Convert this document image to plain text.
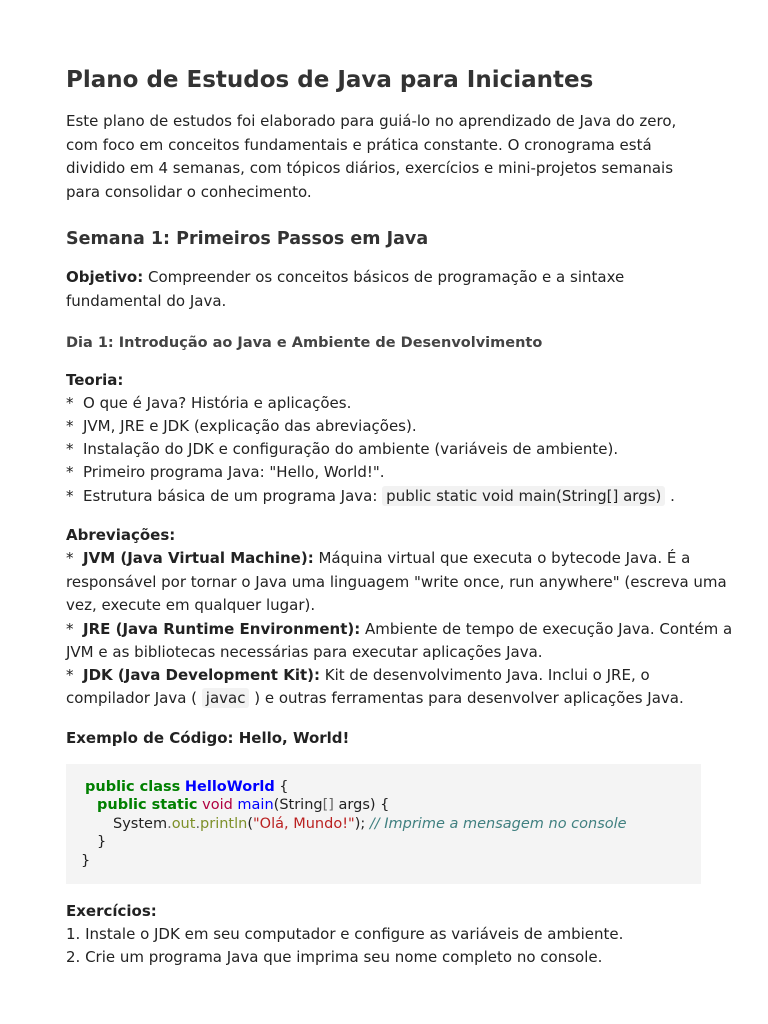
Plano de Estudos de Java para Iniciantes

Este plano de estudos foi elaborado para guiá-lo no aprendizado de Java do zero, com foco em conceitos fundamentais e prática constante. O cronograma está dividido em 4 semanas, com tópicos diários, exercícios e mini-projetos semanais para consolidar o conhecimento.

Semana 1: Primeiros Passos em Java

Objetivo: Compreender os conceitos básicos de programação e a sintaxe fundamental do Java.

Dia 1: Introdução ao Java e Ambiente de Desenvolvimento
Teoria:
* O que é Java? História e aplicações.
* JVM, JRE e JDK (explicação das abreviações).
* Instalação do JDK e configuração do ambiente (variáveis de ambiente).
* Primeiro programa Java: "Hello, World!".
* Estrutura básica de um programa Java: public static void main(String[] args) .
Abreviações:
* JVM (Java Virtual Machine): Máquina virtual que executa o bytecode Java. É a
responsável por tornar o Java uma linguagem "write once, run anywhere" (escreva uma
vez, execute em qualquer lugar).
* JRE (Java Runtime Environment): Ambiente de tempo de execução Java. Contém a
JVM e as bibliotecas necessárias para executar aplicações Java.
* JDK (Java Development Kit): Kit de desenvolvimento Java. Inclui o JRE, o
compilador Java ( javac ) e outras ferramentas para desenvolver aplicações Java.
Exemplo de Código: Hello, World!
public class HelloWorld {
public static void main(String[] args) {
System.out.println("Olá, Mundo!"); // Imprime a mensagem no console
}
}
Exercícios:
1. Instale o JDK em seu computador e configure as variáveis de ambiente.
2. Crie um programa Java que imprima seu nome completo no console.
